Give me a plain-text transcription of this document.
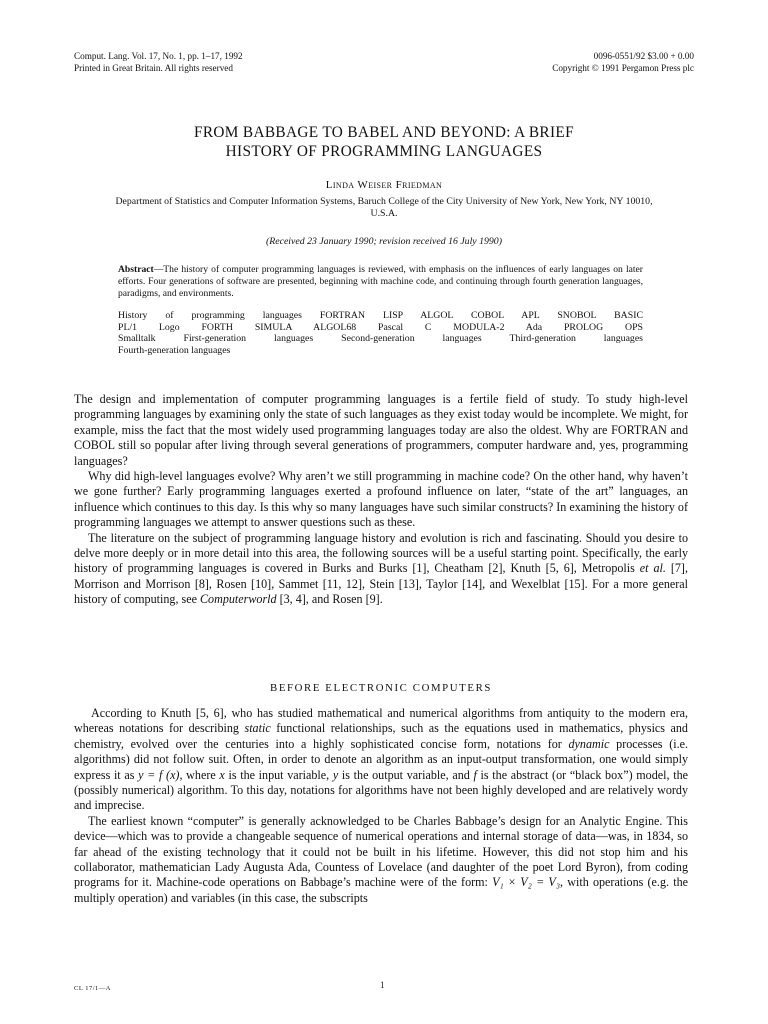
Comput. Lang. Vol. 17, No. 1, pp. 1–17, 1992
Printed in Great Britain. All rights reserved
0096-0551/92 $3.00 + 0.00
Copyright © 1991 Pergamon Press plc
FROM BABBAGE TO BABEL AND BEYOND: A BRIEF
HISTORY OF PROGRAMMING LANGUAGES
Linda Weiser Friedman
Department of Statistics and Computer Information Systems, Baruch College of the City University of New York, New York, NY 10010, U.S.A.
(Received 23 January 1990; revision received 16 July 1990)
Abstract—The history of computer programming languages is reviewed, with emphasis on the influences of early languages on later efforts. Four generations of software are presented, beginning with machine code, and continuing through fourth generation languages, paradigms, and environments.
History of programming languages FORTRAN LISP ALGOL COBOL APL SNOBOL BASIC
PL/1 Logo FORTH SIMULA ALGOL68 Pascal C MODULA-2 Ada PROLOG OPS
Smalltalk First-generation languages Second-generation languages Third-generation languages
Fourth-generation languages

The design and implementation of computer programming languages is a fertile field of study. To study high-level programming languages by examining only the state of such languages as they exist today would be incomplete. We might, for example, miss the fact that the most widely used programming languages today are also the oldest. Why are FORTRAN and COBOL still so popular after living through several generations of programmers, computer hardware and, yes, programming languages?

Why did high-level languages evolve? Why aren’t we still programming in machine code? On the other hand, why haven’t we gone further? Early programming languages exerted a profound influence on later, “state of the art” languages, an influence which continues to this day. Is this why so many languages have such similar constructs? In examining the history of programming languages we attempt to answer questions such as these.

The literature on the subject of programming language history and evolution is rich and fascinating. Should you desire to delve more deeply or in more detail into this area, the following sources will be a useful starting point. Specifically, the early history of programming languages is covered in Burks and Burks [1], Cheatham [2], Knuth [5, 6], Metropolis et al. [7], Morrison and Morrison [8], Rosen [10], Sammet [11, 12], Stein [13], Taylor [14], and Wexelblat [15]. For a more general history of computing, see Computerworld [3, 4], and Rosen [9].

BEFORE ELECTRONIC COMPUTERS

According to Knuth [5, 6], who has studied mathematical and numerical algorithms from antiquity to the modern era, whereas notations for describing static functional relationships, such as the equations used in mathematics, physics and chemistry, evolved over the centuries into a highly sophisticated concise form, notations for dynamic processes (i.e. algorithms) did not follow suit. Often, in order to denote an algorithm as an input-output transformation, one would simply express it as y = f (x), where x is the input variable, y is the output variable, and f is the abstract (or “black box”) model, the (possibly numerical) algorithm. To this day, notations for algorithms have not been highly developed and are relatively wordy and imprecise.

The earliest known “computer” is generally acknowledged to be Charles Babbage’s design for an Analytic Engine. This device—which was to provide a changeable sequence of numerical operations and internal storage of data—was, in 1834, so far ahead of the existing technology that it could not be built in his lifetime. However, this did not stop him and his collaborator, mathematician Lady Augusta Ada, Countess of Lovelace (and daughter of the poet Lord Byron), from coding programs for it. Machine-code operations on Babbage’s machine were of the form: V₁ × V₂ = V₃, with operations (e.g. the multiply operation) and variables (in this case, the subscripts

CL 17/1—A	1
